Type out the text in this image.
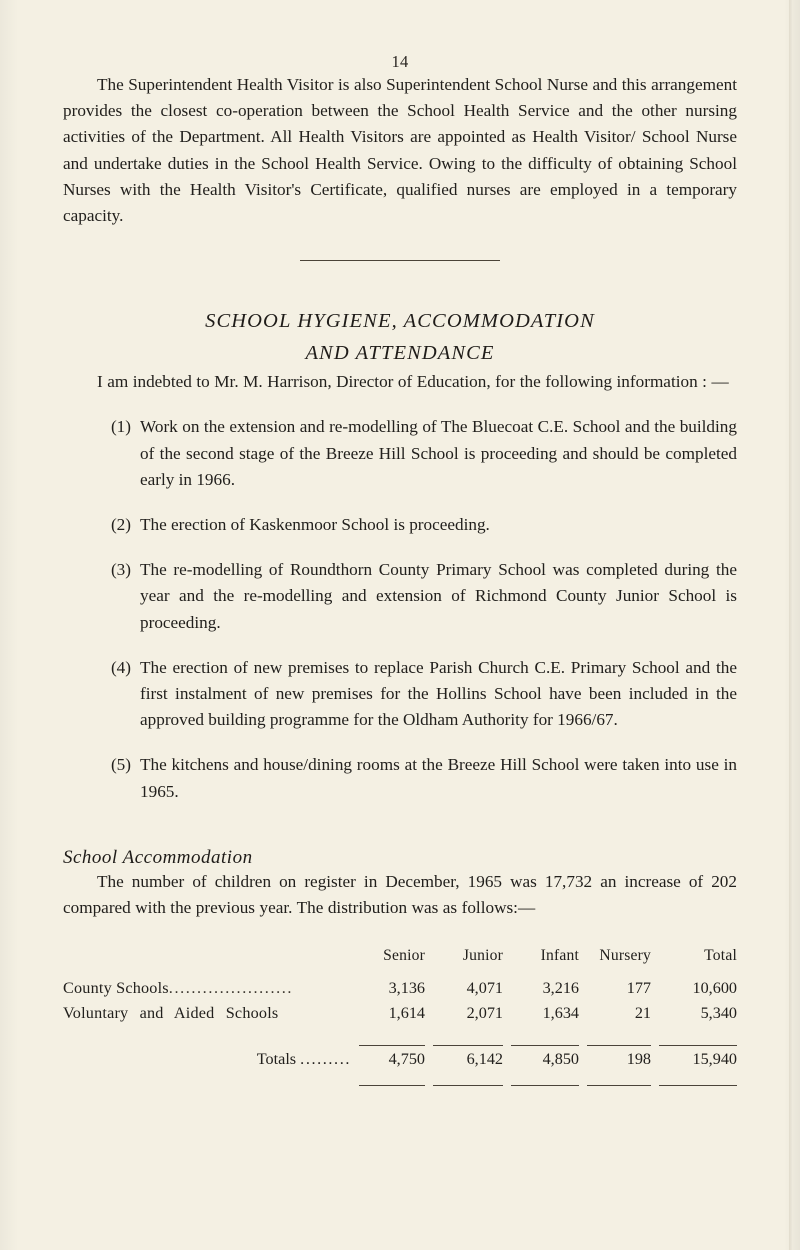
14

The Superintendent Health Visitor is also Superintendent School Nurse and this arrangement provides the closest co-operation between the School Health Service and the other nursing activities of the Department. All Health Visitors are appointed as Health Visitor/ School Nurse and undertake duties in the School Health Service. Owing to the difficulty of obtaining School Nurses with the Health Visitor's Certificate, qualified nurses are employed in a temporary capacity.

SCHOOL HYGIENE, ACCOMMODATION
AND ATTENDANCE

I am indebted to Mr. M. Harrison, Director of Education, for the following information : —

(1) Work on the extension and re-modelling of The Bluecoat C.E. School and the building of the second stage of the Breeze Hill School is proceeding and should be completed early in 1966.
(2) The erection of Kaskenmoor School is proceeding.
(3) The re-modelling of Roundthorn County Primary School was completed during the year and the re-modelling and extension of Richmond County Junior School is proceeding.
(4) The erection of new premises to replace Parish Church C.E. Primary School and the first instalment of new premises for the Hollins School have been included in the approved building programme for the Oldham Authority for 1966/67.
(5) The kitchens and house/dining rooms at the Breeze Hill School were taken into use in 1965.
School Accommodation

The number of children on register in December, 1965 was 17,732 an increase of 202 compared with the previous year. The distribution was as follows:—

	Senior	Junior	Infant	Nursery	Total
County Schools......................	3,136	4,071	3,216	177	10,600
Voluntary and Aided Schools	1,614	2,071	1,634	21	5,340

Totals .........	4,750	6,142	4,850	198	15,940
